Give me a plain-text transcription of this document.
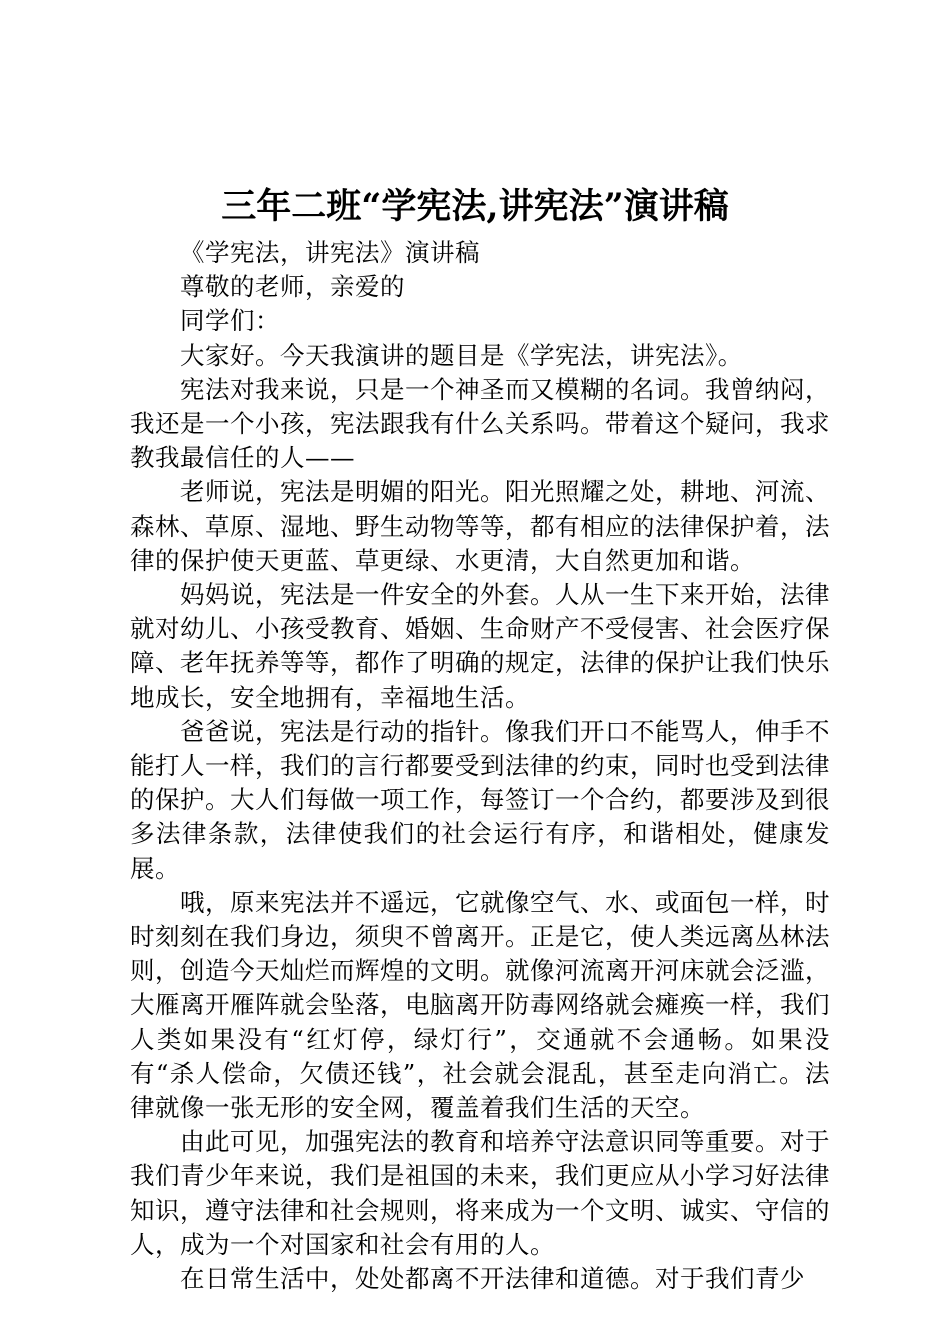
三年二班“学宪法,讲宪法”演讲稿

《学宪法，讲宪法》演讲稿

尊敬的老师，亲爱的

同学们：

大家好。今天我演讲的题目是《学宪法，讲宪法》。

宪法对我来说，只是一个神圣而又模糊的名词。我曾纳闷，我还是一个小孩，宪法跟我有什么关系吗。带着这个疑问，我求教我最信任的人——

老师说，宪法是明媚的阳光。阳光照耀之处，耕地、河流、森林、草原、湿地、野生动物等等，都有相应的法律保护着，法律的保护使天更蓝、草更绿、水更清，大自然更加和谐。

妈妈说，宪法是一件安全的外套。人从一生下来开始，法律就对幼儿、小孩受教育、婚姻、生命财产不受侵害、社会医疗保障、老年抚养等等，都作了明确的规定，法律的保护让我们快乐地成长，安全地拥有，幸福地生活。

爸爸说，宪法是行动的指针。像我们开口不能骂人，伸手不能打人一样，我们的言行都要受到法律的约束，同时也受到法律的保护。大人们每做一项工作，每签订一个合约，都要涉及到很多法律条款，法律使我们的社会运行有序，和谐相处，健康发展。

哦，原来宪法并不遥远，它就像空气、水、或面包一样，时时刻刻在我们身边，须臾不曾离开。正是它，使人类远离丛林法则，创造今天灿烂而辉煌的文明。就像河流离开河床就会泛滥，大雁离开雁阵就会坠落，电脑离开防毒网络就会瘫痪一样，我们人类如果没有“红灯停，绿灯行”，交通就不会通畅。如果没有“杀人偿命，欠债还钱”，社会就会混乱，甚至走向消亡。法律就像一张无形的安全网，覆盖着我们生活的天空。

由此可见，加强宪法的教育和培养守法意识同等重要。对于我们青少年来说，我们是祖国的未来，我们更应从小学习好法律知识，遵守法律和社会规则，将来成为一个文明、诚实、守信的人，成为一个对国家和社会有用的人。

在日常生活中，处处都离不开法律和道德。对于我们青少
